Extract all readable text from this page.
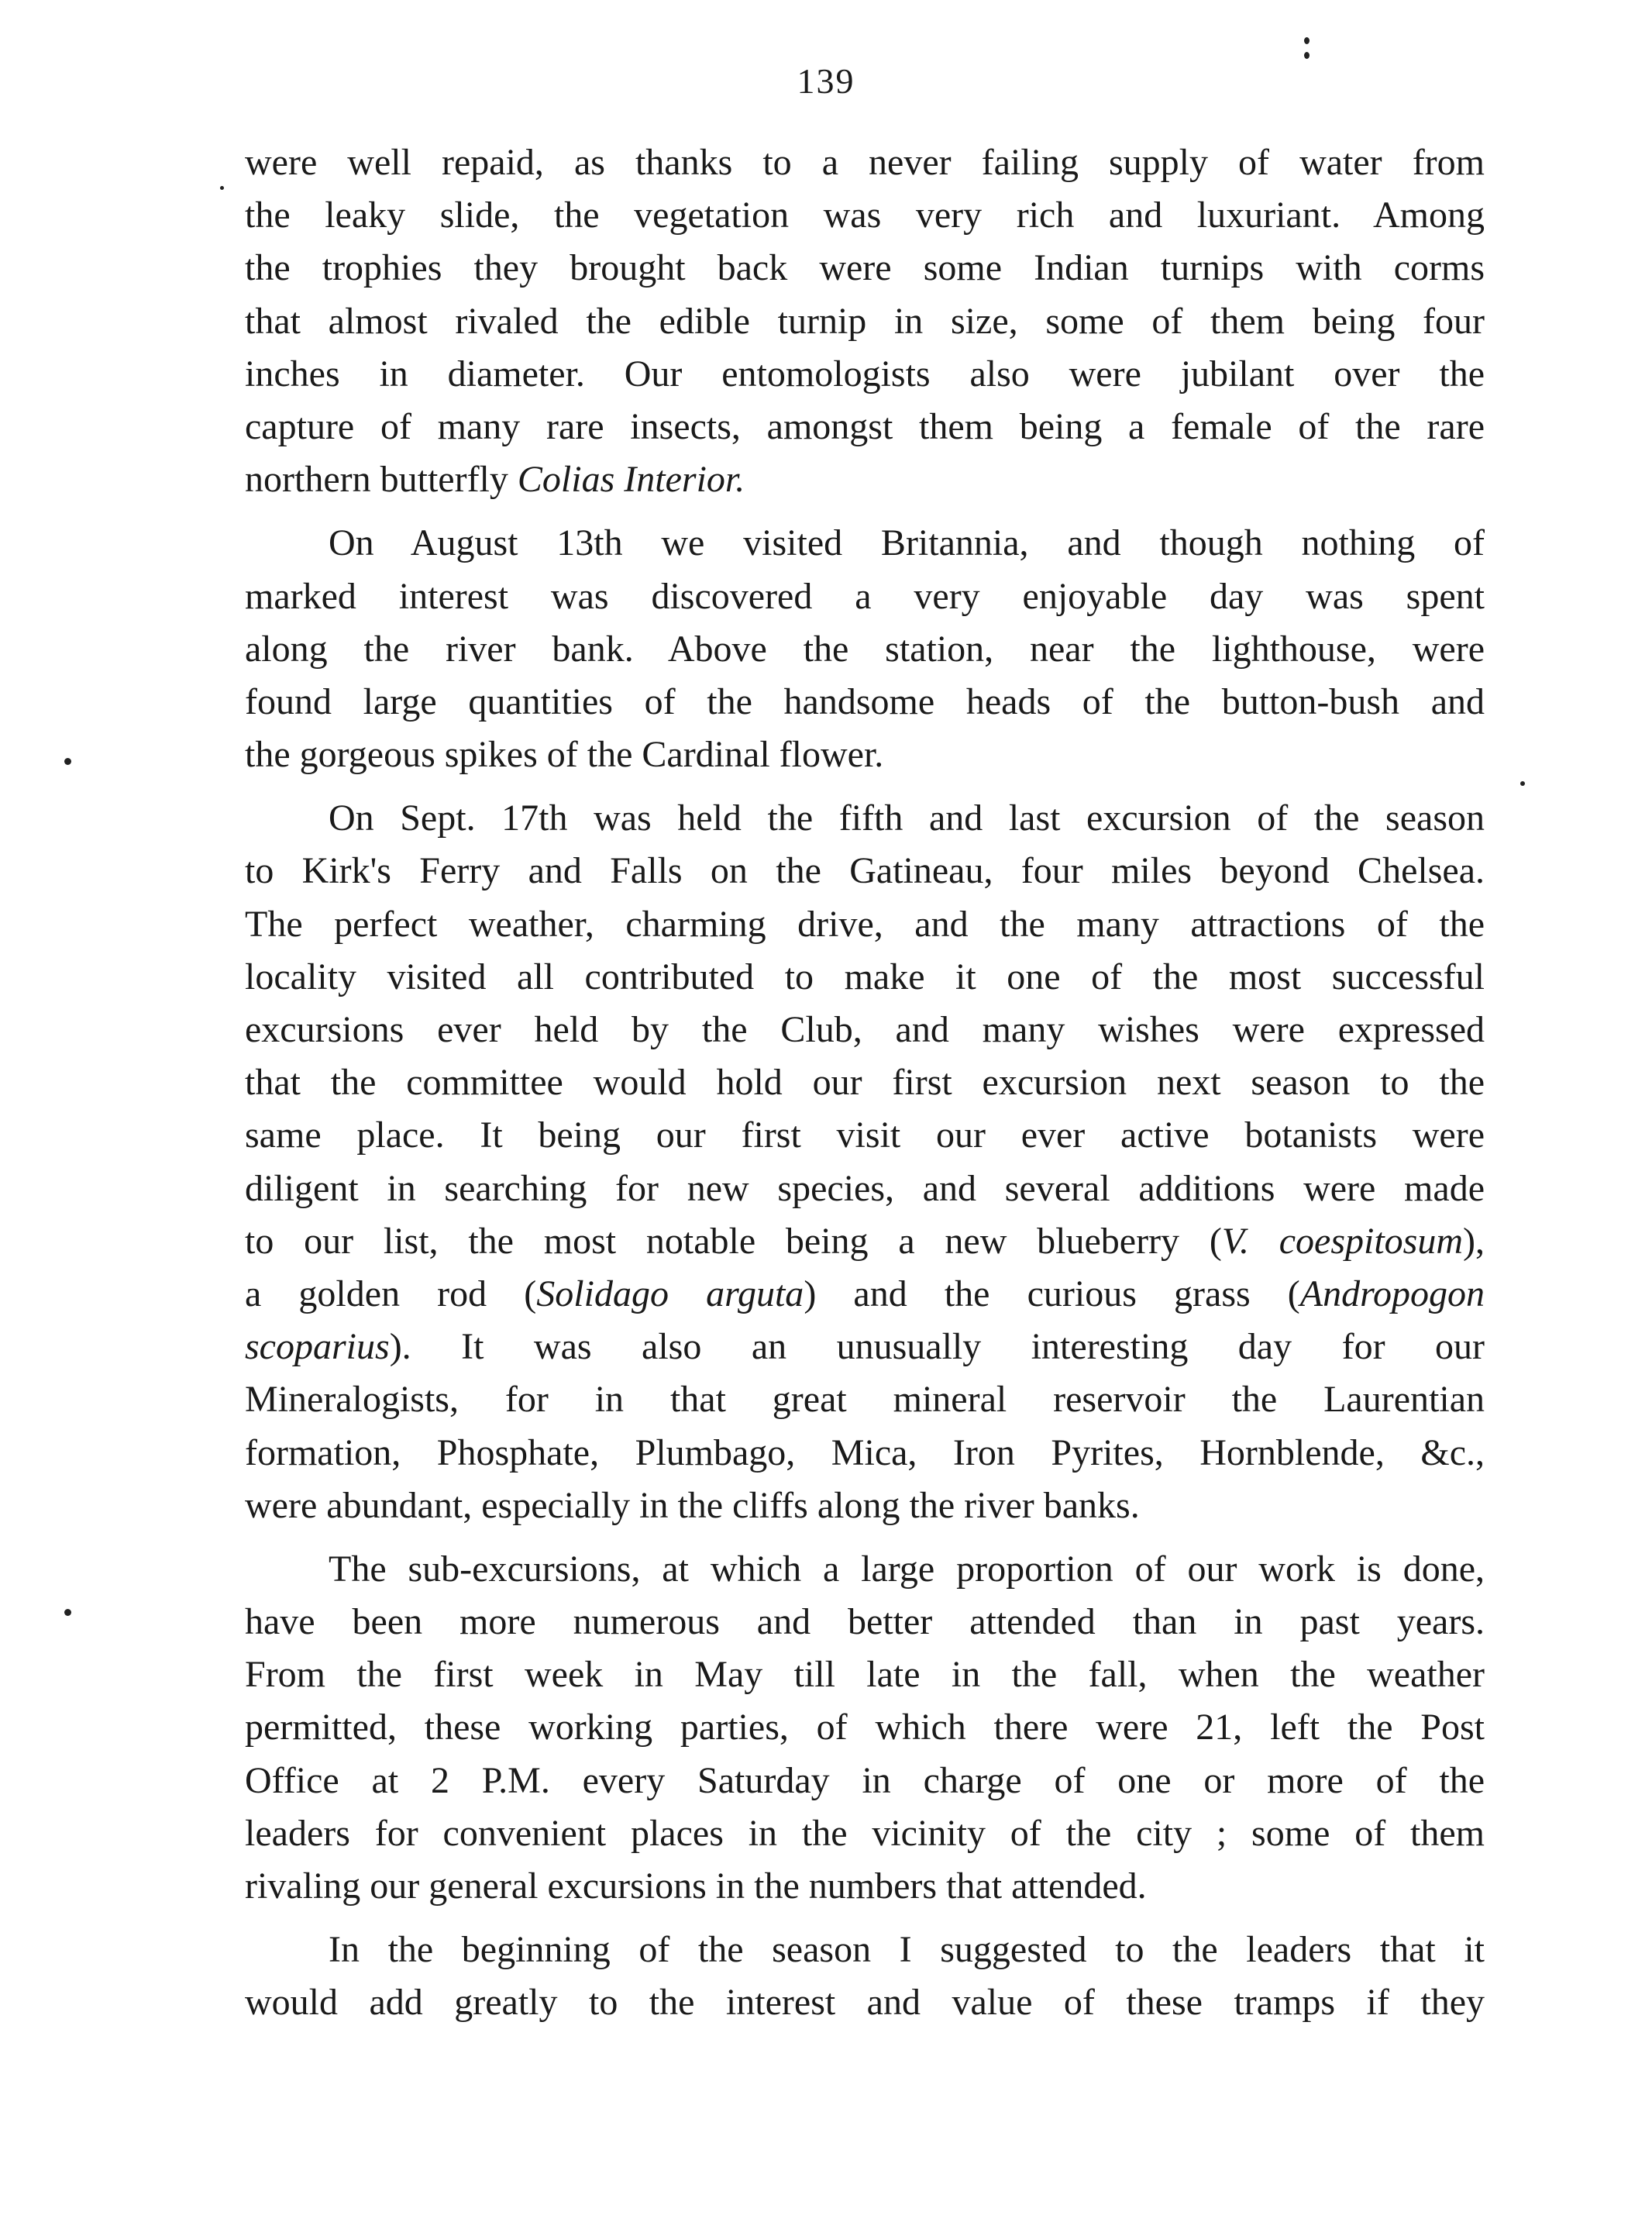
139
were well repaid, as thanks to a never failing supply of water from
the leaky slide, the vegetation was very rich and luxuriant. Among
the trophies they brought back were some Indian turnips with corms
that almost rivaled the edible turnip in size, some of them being four
inches in diameter. Our entomologists also were jubilant over the
capture of many rare insects, amongst them being a female of the rare
northern butterfly Colias Interior.
On August 13th we visited Britannia, and though nothing of
marked interest was discovered a very enjoyable day was spent
along the river bank. Above the station, near the lighthouse, were
found large quantities of the handsome heads of the button-bush and
the gorgeous spikes of the Cardinal flower.
On Sept. 17th was held the fifth and last excursion of the season
to Kirk's Ferry and Falls on the Gatineau, four miles beyond Chelsea.
The perfect weather, charming drive, and the many attractions of the
locality visited all contributed to make it one of the most successful
excursions ever held by the Club, and many wishes were expressed
that the committee would hold our first excursion next season to the
same place. It being our first visit our ever active botanists were
diligent in searching for new species, and several additions were made
to our list, the most notable being a new blueberry (V. coespitosum),
a golden rod (Solidago arguta) and the curious grass (Andropogon
scoparius). It was also an unusually interesting day for our
Mineralogists, for in that great mineral reservoir the Laurentian
formation, Phosphate, Plumbago, Mica, Iron Pyrites, Hornblende, &c.,
were abundant, especially in the cliffs along the river banks.
The sub-excursions, at which a large proportion of our work is done,
have been more numerous and better attended than in past years.
From the first week in May till late in the fall, when the weather
permitted, these working parties, of which there were 21, left the Post
Office at 2 P.M. every Saturday in charge of one or more of the
leaders for convenient places in the vicinity of the city ; some of them
rivaling our general excursions in the numbers that attended.
In the beginning of the season I suggested to the leaders that it
would add greatly to the interest and value of these tramps if they
